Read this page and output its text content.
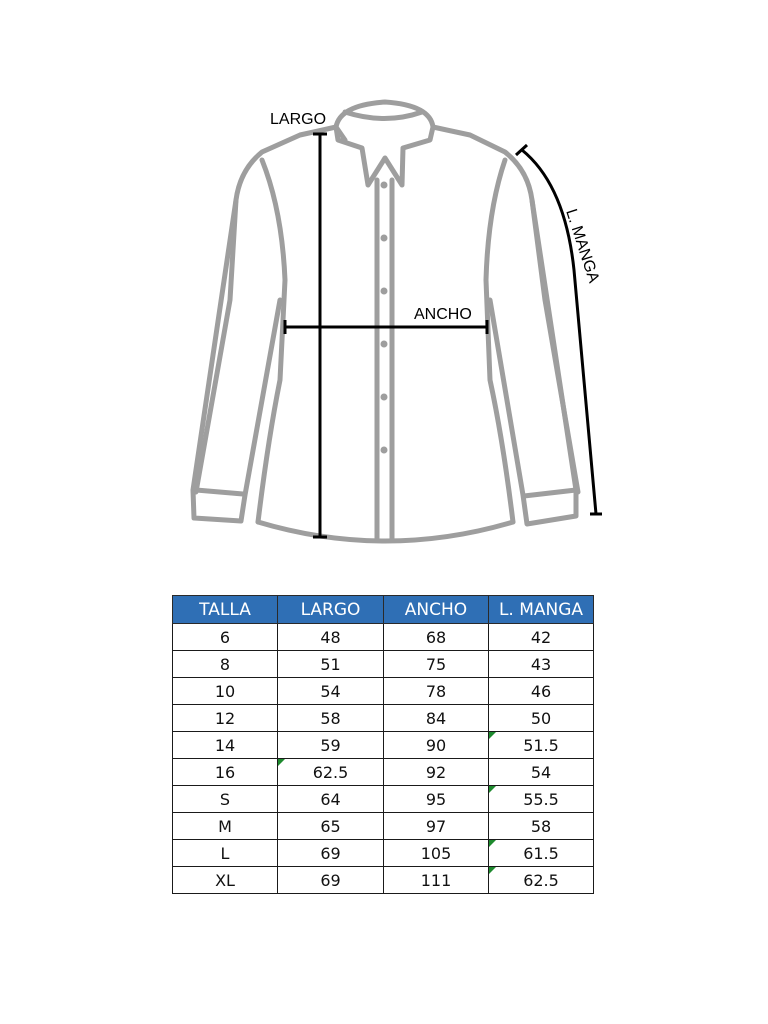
LARGO
ANCHO
L. MANGA
TALLA	LARGO	ANCHO	L. MANGA
6	48	68	42
8	51	75	43
10	54	78	46
12	58	84	50
14	59	90	51.5
16	62.5	92	54
S	64	95	55.5
M	65	97	58
L	69	105	61.5
XL	69	111	62.5
